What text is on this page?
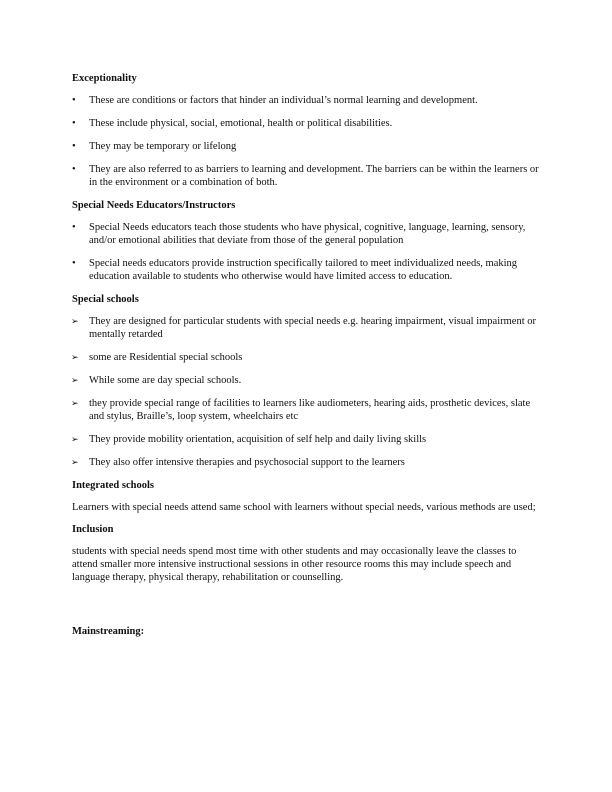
Exceptionality
•	These are conditions or factors that hinder an individual’s normal learning and development.
•	These include physical, social, emotional, health or political disabilities.
•	They may be temporary or lifelong
•	They are also referred to as barriers to learning and development. The barriers can be within the learners or in the environment or a combination of both.
Special Needs Educators/Instructors
•	Special Needs educators teach those students who have physical, cognitive, language, learning, sensory, and/or emotional abilities that deviate from those of the general population
•	Special needs educators provide instruction specifically tailored to meet individualized needs, making education available to students who otherwise would have limited access to education.
Special schools
➢ They are designed for particular students with special needs e.g. hearing impairment, visual impairment or mentally retarded
➢ some are Residential special schools
➢ While some are day special schools.
➢ they provide special range of facilities to learners like audiometers, hearing aids, prosthetic devices, slate and stylus, Braille’s, loop system, wheelchairs etc
➢ They provide mobility orientation, acquisition of self help and daily living skills
➢ They also offer intensive therapies and psychosocial support to the learners
Integrated schools

Learners with special needs attend same school with learners without special needs, various methods are used;

Inclusion

students with special needs spend most time with other students and may occasionally leave the classes to attend smaller more intensive instructional sessions in other resource rooms this may include speech and language therapy, physical therapy, rehabilitation or counselling.

Mainstreaming:
